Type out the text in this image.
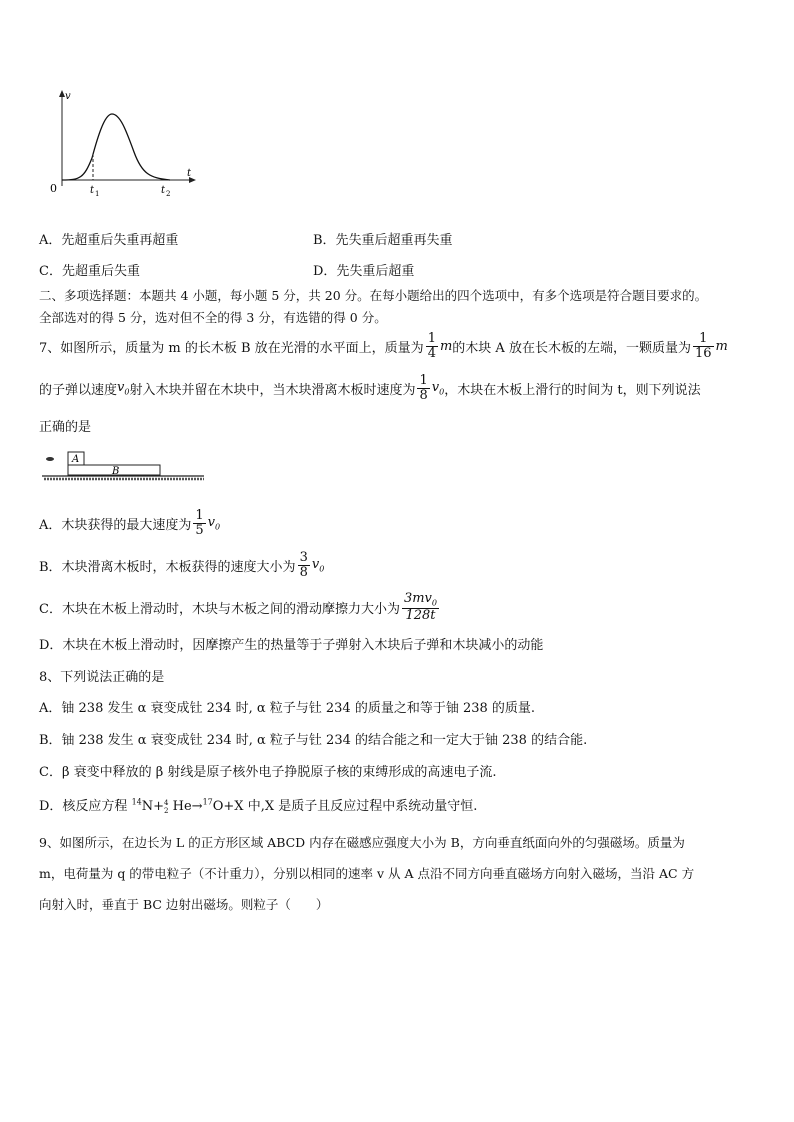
v
t
0	t 1	t 2
A．先超重后失重再超重	B．先失重后超重再失重
C．先超重后失重	D．先失重后超重
二、多项选择题：本题共 4 小题，每小题 5 分，共 20 分。在每小题给出的四个选项中，有多个选项是符合题目要求的。
全部选对的得 5 分，选对但不全的得 3 分，有选错的得 0 分。
7、如图所示，质量为 m 的长木板 B 放在光滑的水平面上，质量为 $\frac{1}{4}$ m 的木块 A 放在长木板的左端，一颗质量为 $\frac{1}{16}$ m
的子弹以速度 $v_0$ 射入木块并留在木块中，当木块滑离木板时速度为 $\frac{1}{8} v_0$ ，木块在木板上滑行的时间为 t，则下列说法
正确的是
A
B
A．木块获得的最大速度为 $\frac{1}{5} v_0$
B．木块滑离木板时，木板获得的速度大小为 $\frac{3}{8} v_0$
C．木块在木板上滑动时，木块与木板之间的滑动摩擦力大小为 $\frac{3mv_0}{128t}$
D．木块在木板上滑动时，因摩擦产生的热量等于子弹射入木块后子弹和木块减小的动能
8、下列说法正确的是
A．铀 238 发生 α 衰变成钍 234 时, α 粒子与钍 234 的质量之和等于铀 238 的质量.
B．铀 238 发生 α 衰变成钍 234 时, α 粒子与钍 234 的结合能之和一定大于铀 238 的结合能.
C．β 衰变中释放的 β 射线是原子核外电子挣脱原子核的束缚形成的高速电子流.
D．核反应方程 $^{14}$N+ 4
2 He→$^{17}$O+X 中,X 是质子且反应过程中系统动量守恒.
9、如图所示，在边长为 L 的正方形区域 ABCD 内存在磁感应强度大小为 B，方向垂直纸面向外的匀强磁场。质量为
m，电荷量为 q 的带电粒子（不计重力），分别以相同的速率 v 从 A 点沿不同方向垂直磁场方向射入磁场，当沿 AC 方
向射入时，垂直于 BC 边射出磁场。则粒子（　　）
